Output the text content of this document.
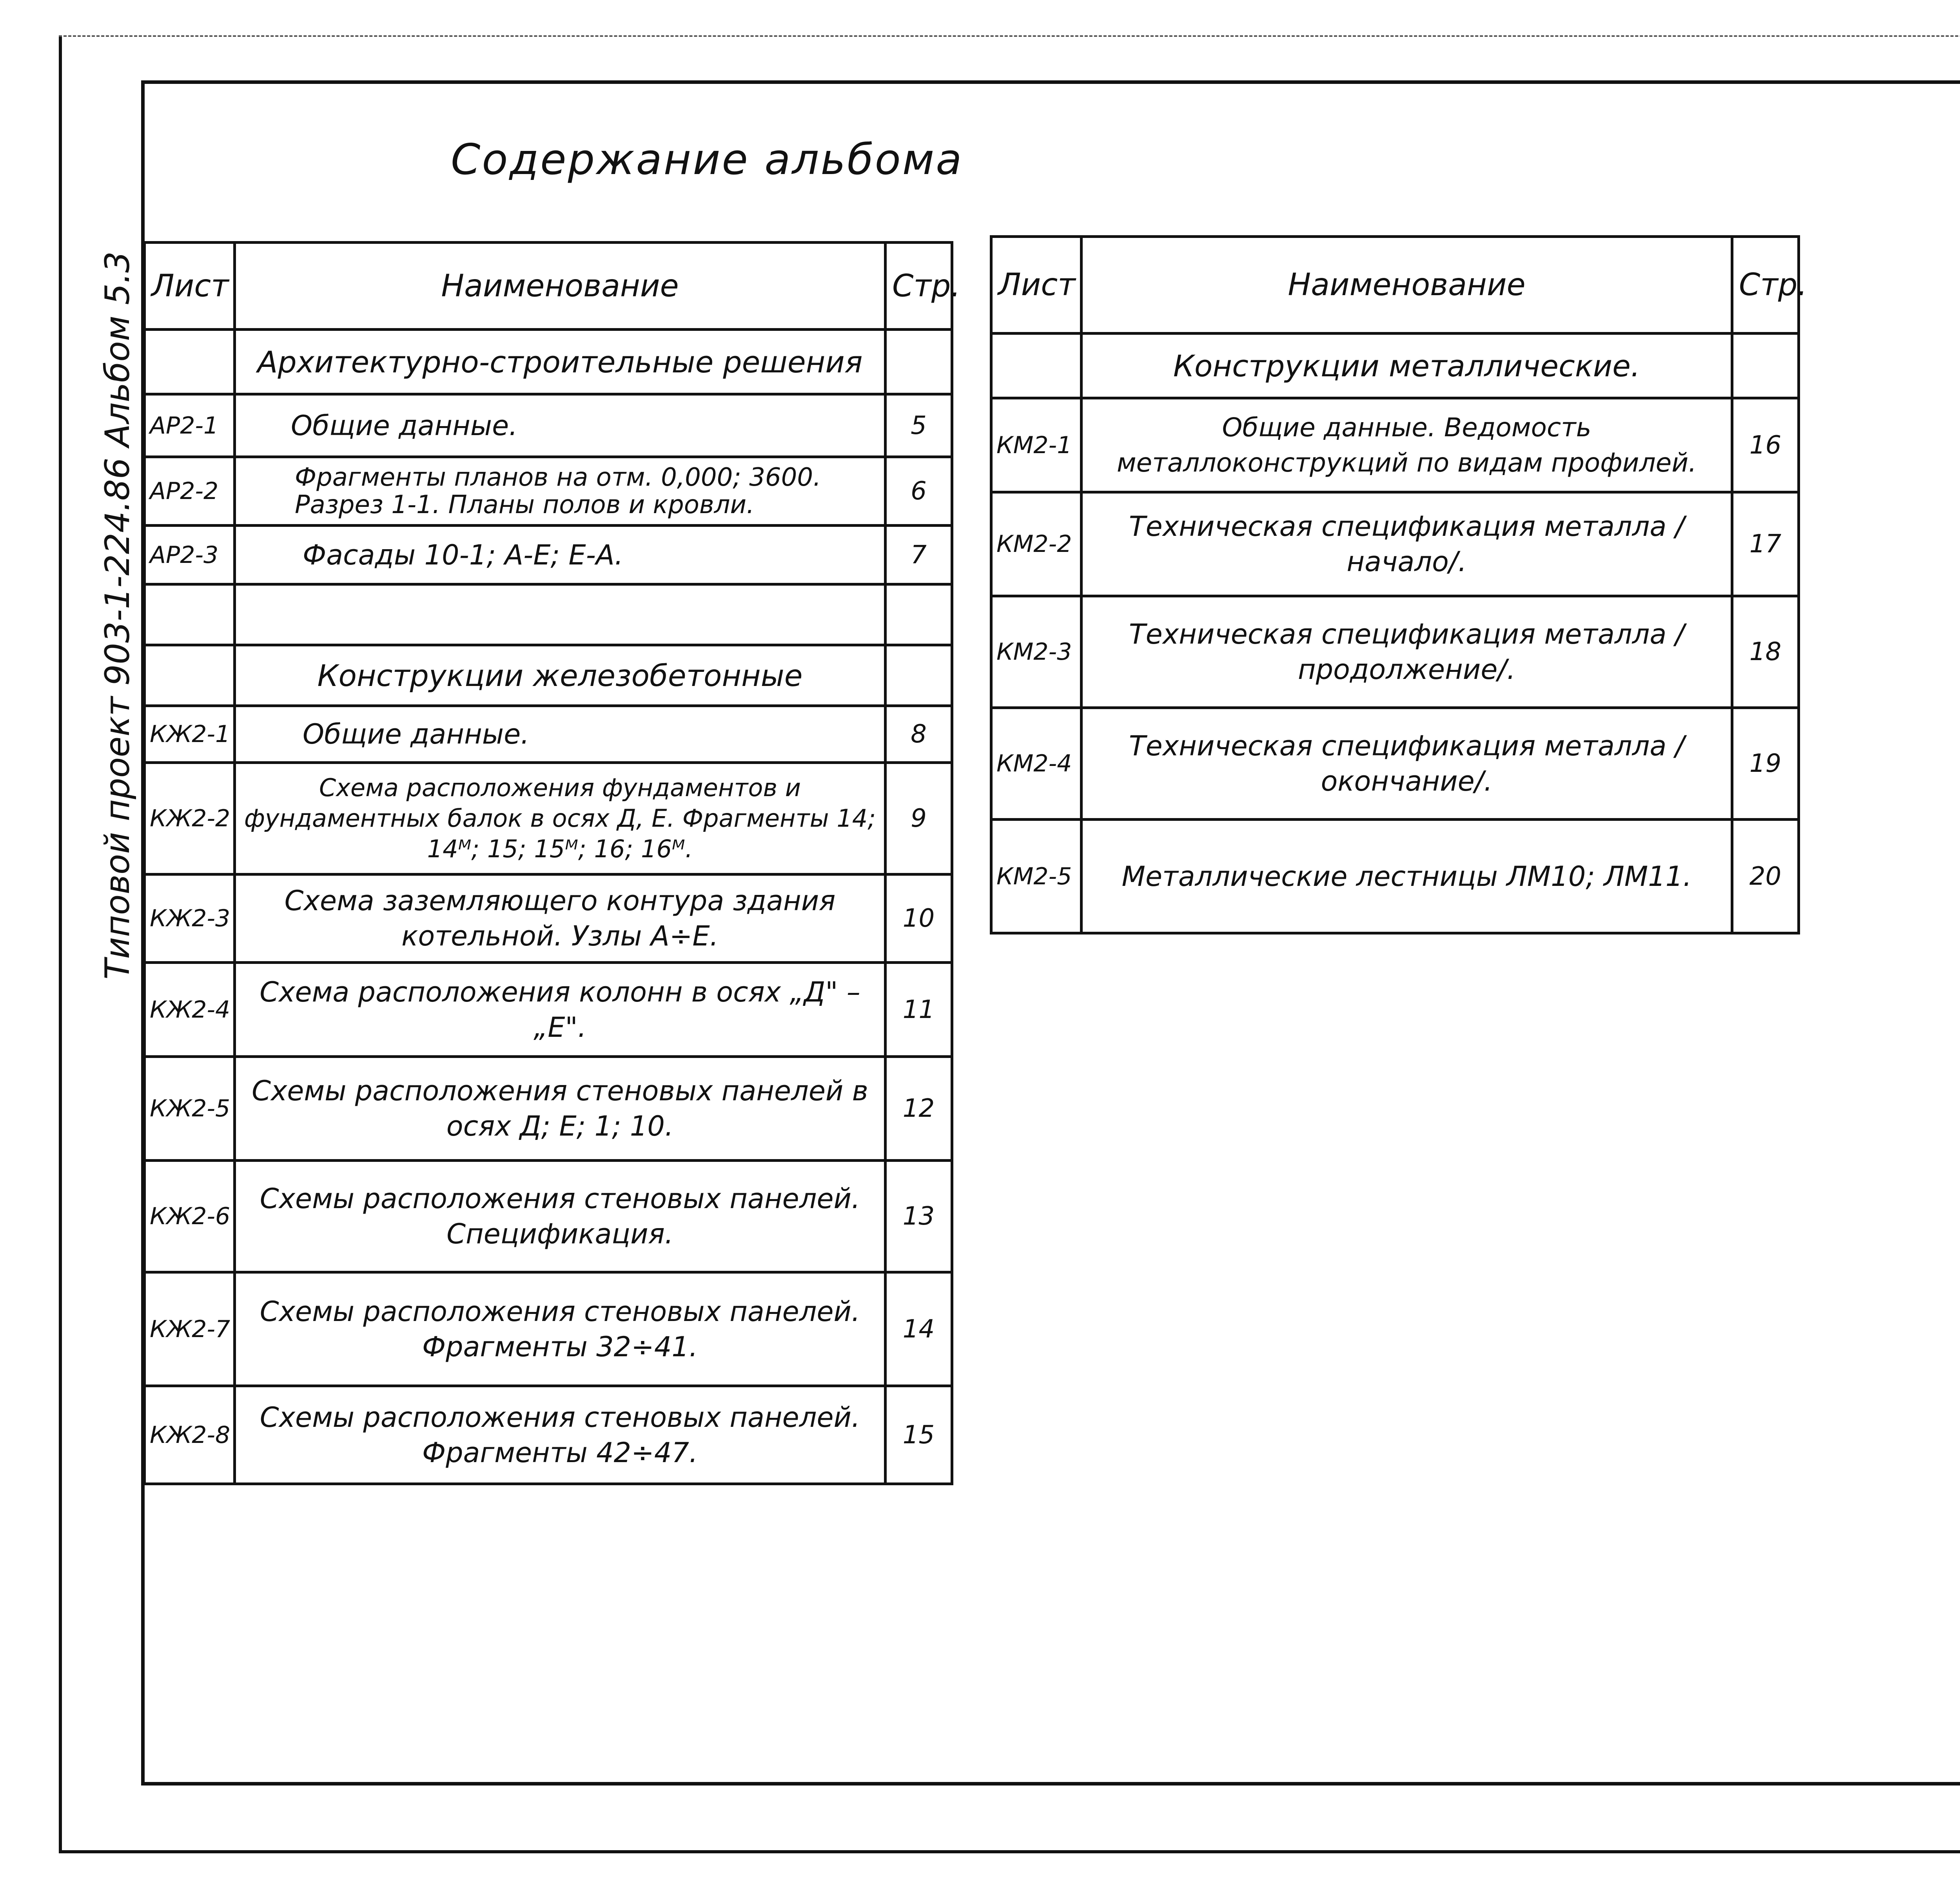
Типовой проект 903-1-224.86 Альбом 5.3
Содержание альбома
Лист	Наименование	Стр.
	Архитектурно-строительные решения	
АР2-1	Общие данные.	5
АР2-2	Фрагменты планов на отм. 0,000; 3600. Разрез 1-1. Планы полов и кровли.	6
АР2-3	Фасады 10-1; А-Е; Е-А.	7

	Конструкции железобетонные	
КЖ2-1	Общие данные.	8
КЖ2-2	Схема расположения фундаментов и фундаментных балок в осях Д, Е. Фрагменты 14; 14ᴹ; 15; 15ᴹ; 16; 16ᴹ.	9
КЖ2-3	Схема заземляющего контура здания котельной. Узлы А÷Е.	10
КЖ2-4	Схема расположения колонн в осях „Д" – „Е".	11
КЖ2-5	Схемы расположения стеновых панелей в осях Д; Е; 1; 10.	12
КЖ2-6	Схемы расположения стеновых панелей. Спецификация.	13
КЖ2-7	Схемы расположения стеновых панелей. Фрагменты 32÷41.	14
КЖ2-8	Схемы расположения стеновых панелей. Фрагменты 42÷47.	15
Лист	Наименование	Стр.
	Конструкции металлические.	
КМ2-1	Общие данные. Ведомость металлоконструкций по видам профилей.	16
КМ2-2	Техническая спецификация металла /начало/.	17
КМ2-3	Техническая спецификация металла /продолжение/.	18
КМ2-4	Техническая спецификация металла /окончание/.	19
КМ2-5	Металлические лестницы ЛМ10; ЛМ11.	20
